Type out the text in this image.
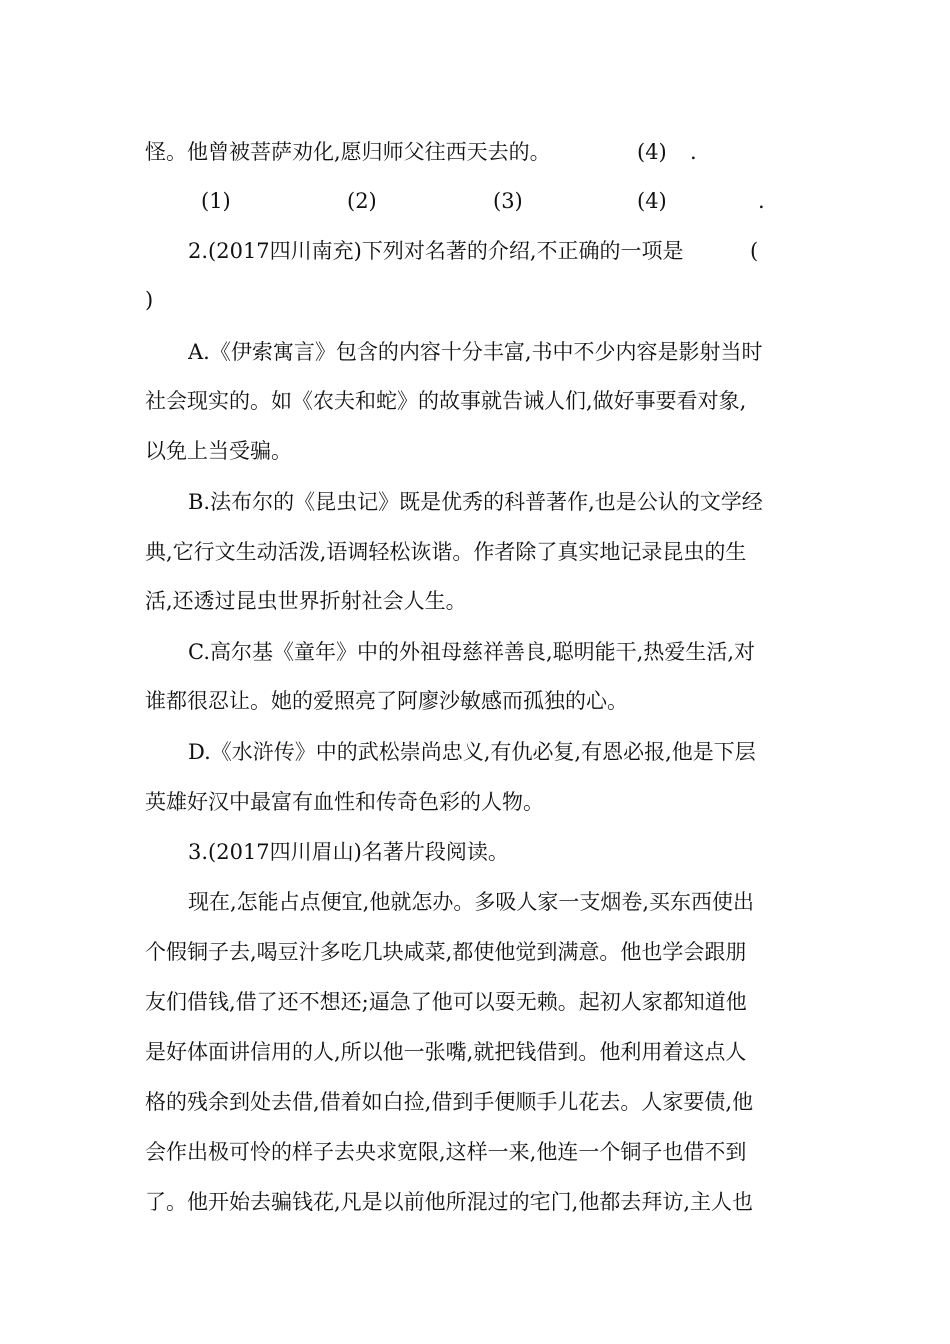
怪。他曾被菩萨劝化,愿归师父往西天去的。	(4) .
(1)	(2)	(3)	(4)	.
2.(2017四川南充)下列对名著的介绍,不正确的一项是	(
)
A.《伊索寓言》包含的内容十分丰富,书中不少内容是影射当时
社会现实的。如《农夫和蛇》的故事就告诫人们,做好事要看对象,
以免上当受骗。
B.法布尔的《昆虫记》既是优秀的科普著作,也是公认的文学经
典,它行文生动活泼,语调轻松诙谐。作者除了真实地记录昆虫的生
活,还透过昆虫世界折射社会人生。
C.高尔基《童年》中的外祖母慈祥善良,聪明能干,热爱生活,对
谁都很忍让。她的爱照亮了阿廖沙敏感而孤独的心。
D.《水浒传》中的武松崇尚忠义,有仇必复,有恩必报,他是下层
英雄好汉中最富有血性和传奇色彩的人物。
3.(2017四川眉山)名著片段阅读。
现在,怎能占点便宜,他就怎办。多吸人家一支烟卷,买东西使出
个假铜子去,喝豆汁多吃几块咸菜,都使他觉到满意。他也学会跟朋
友们借钱,借了还不想还;逼急了他可以耍无赖。起初人家都知道他
是好体面讲信用的人,所以他一张嘴,就把钱借到。他利用着这点人
格的残余到处去借,借着如白捡,借到手便顺手儿花去。人家要债,他
会作出极可怜的样子去央求宽限,这样一来,他连一个铜子也借不到
了。他开始去骗钱花,凡是以前他所混过的宅门,他都去拜访,主人也
